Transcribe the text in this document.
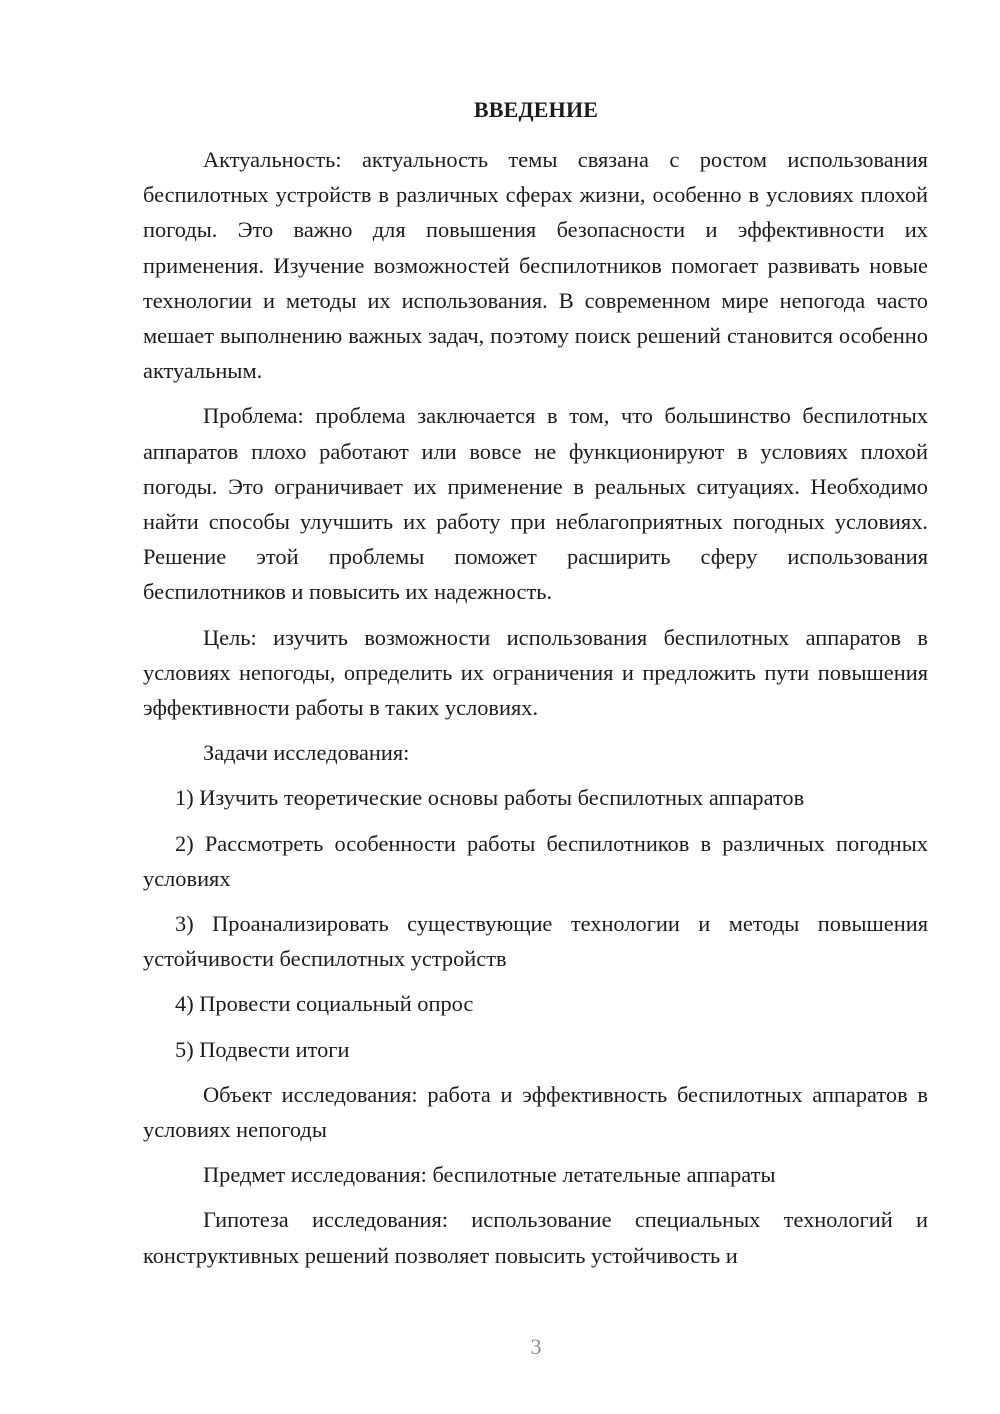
ВВЕДЕНИЕ

Актуальность: актуальность темы связана с ростом использования беспилотных устройств в различных сферах жизни, особенно в условиях плохой погоды. Это важно для повышения безопасности и эффективности их применения. Изучение возможностей беспилотников помогает развивать новые технологии и методы их использования. В современном мире непогода часто мешает выполнению важных задач, поэтому поиск решений становится особенно актуальным.

Проблема: проблема заключается в том, что большинство беспилотных аппаратов плохо работают или вовсе не функционируют в условиях плохой погоды. Это ограничивает их применение в реальных ситуациях. Необходимо найти способы улучшить их работу при неблагоприятных погодных условиях. Решение этой проблемы поможет расширить сферу использования беспилотников и повысить их надежность.

Цель: изучить возможности использования беспилотных аппаратов в условиях непогоды, определить их ограничения и предложить пути повышения эффективности работы в таких условиях.

Задачи исследования:

1) Изучить теоретические основы работы беспилотных аппаратов

2) Рассмотреть особенности работы беспилотников в различных погодных условиях

3) Проанализировать существующие технологии и методы повышения устойчивости беспилотных устройств

4) Провести социальный опрос

5) Подвести итоги

Объект исследования: работа и эффективность беспилотных аппаратов в условиях непогоды

Предмет исследования: беспилотные летательные аппараты

Гипотеза исследования: использование специальных технологий и конструктивных решений позволяет повысить устойчивость и

3
